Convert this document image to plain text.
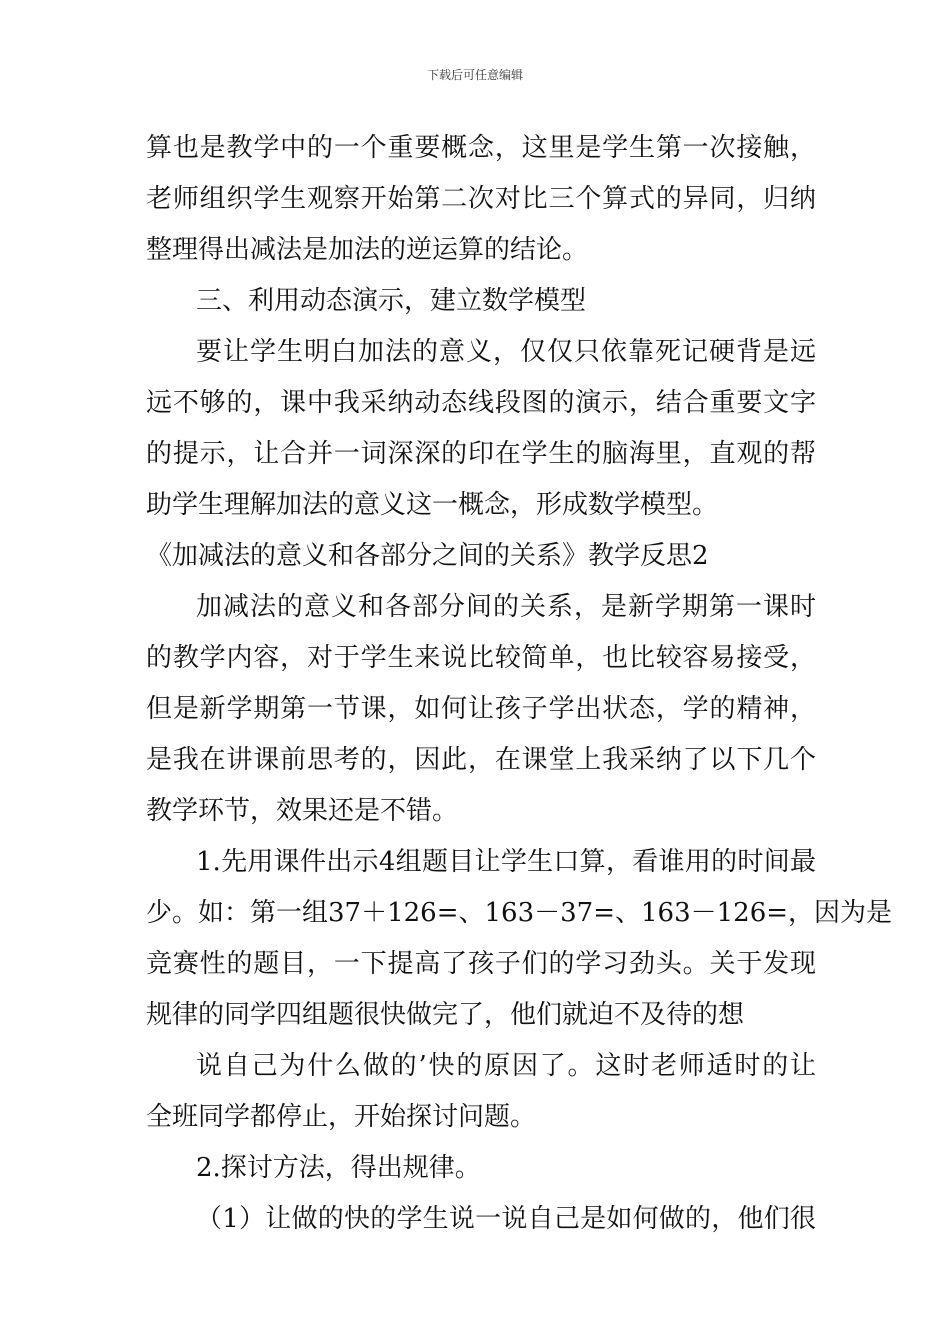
下载后可任意编辑
算也是教学中的一个重要概念，这里是学生第一次接触，
老师组织学生观察开始第二次对比三个算式的异同，归纳
整理得出减法是加法的逆运算的结论。
三、利用动态演示，建立数学模型
要让学生明白加法的意义，仅仅只依靠死记硬背是远
远不够的，课中我采纳动态线段图的演示，结合重要文字
的提示，让合并一词深深的印在学生的脑海里，直观的帮
助学生理解加法的意义这一概念，形成数学模型。
《加减法的意义和各部分之间的关系》教学反思2
加减法的意义和各部分间的关系，是新学期第一课时
的教学内容，对于学生来说比较简单，也比较容易接受，
但是新学期第一节课，如何让孩子学出状态，学的精神，
是我在讲课前思考的，因此，在课堂上我采纳了以下几个
教学环节，效果还是不错。
1.先用课件出示4组题目让学生口算，看谁用的时间最
少。如：第一组37＋126=、163－37=、163－126=，因为是
竞赛性的题目，一下提高了孩子们的学习劲头。关于发现
规律的同学四组题很快做完了，他们就迫不及待的想
说自己为什么做的’快的原因了。这时老师适时的让
全班同学都停止，开始探讨问题。
2.探讨方法，得出规律。
（1）让做的快的学生说一说自己是如何做的，他们很
